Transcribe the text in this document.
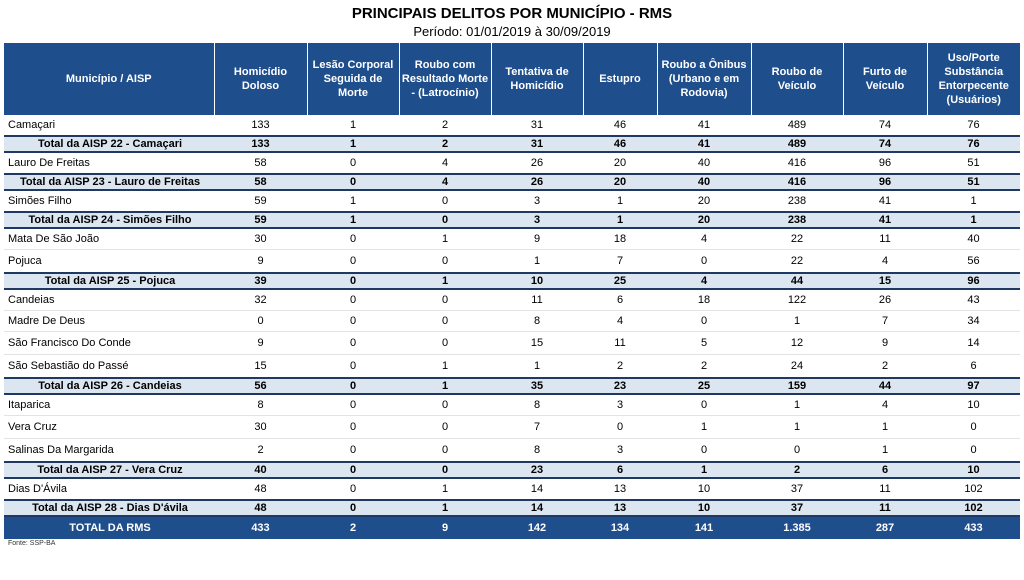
PRINCIPAIS DELITOS POR MUNICÍPIO - RMS
Período: 01/01/2019 à 30/09/2019
Município / AISP	Homicídio Doloso	Lesão Corporal Seguida de Morte	Roubo com Resultado Morte - (Latrocínio)	Tentativa de Homicídio	Estupro	Roubo a Ônibus (Urbano e em Rodovia)	Roubo de Veículo	Furto de Veículo	Uso/Porte Substância Entorpecente (Usuários)
Camaçari	133	1	2	31	46	41	489	74	76
Total da AISP 22 - Camaçari	133	1	2	31	46	41	489	74	76
Lauro De Freitas	58	0	4	26	20	40	416	96	51
Total da AISP 23 - Lauro de Freitas	58	0	4	26	20	40	416	96	51
Simões Filho	59	1	0	3	1	20	238	41	1
Total da AISP 24 - Simões Filho	59	1	0	3	1	20	238	41	1
Mata De São João	30	0	1	9	18	4	22	11	40
Pojuca	9	0	0	1	7	0	22	4	56
Total da AISP 25 - Pojuca	39	0	1	10	25	4	44	15	96
Candeias	32	0	0	11	6	18	122	26	43
Madre De Deus	0	0	0	8	4	0	1	7	34
São Francisco Do Conde	9	0	0	15	11	5	12	9	14
São Sebastião do Passé	15	0	1	1	2	2	24	2	6
Total da AISP 26 - Candeias	56	0	1	35	23	25	159	44	97
Itaparica	8	0	0	8	3	0	1	4	10
Vera Cruz	30	0	0	7	0	1	1	1	0
Salinas Da Margarida	2	0	0	8	3	0	0	1	0
Total da AISP 27 - Vera Cruz	40	0	0	23	6	1	2	6	10
Dias D'Ávila	48	0	1	14	13	10	37	11	102
Total da AISP 28 - Dias D'ávila	48	0	1	14	13	10	37	11	102
TOTAL DA RMS	433	2	9	142	134	141	1.385	287	433
Fonte: SSP-BA
